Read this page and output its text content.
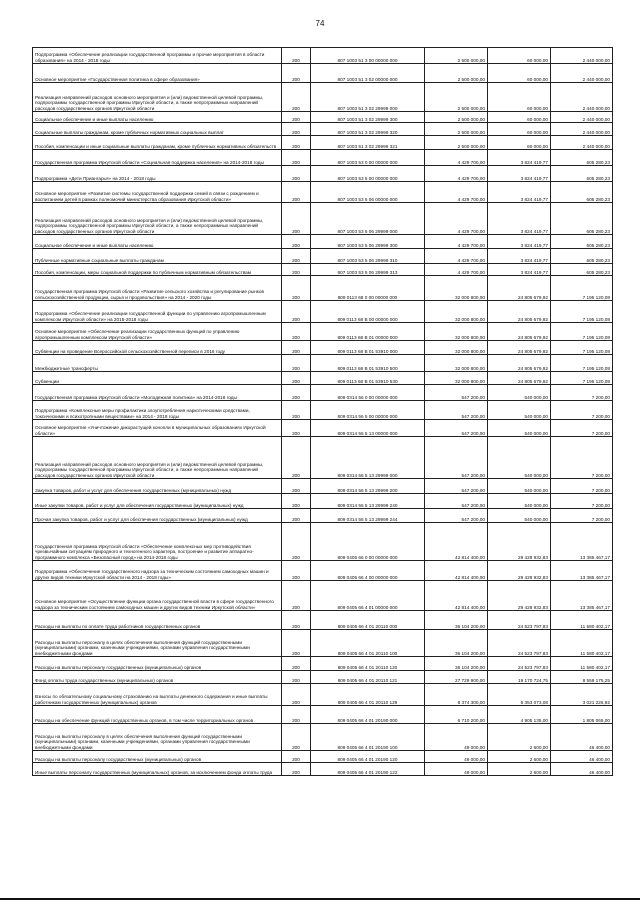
74
Подпрограмма «Обеспечение реализации государственной программы и прочие мероприятия в области образования» на 2014 - 2018 годы	200	807 1003 51 3 00 00000 000	2 500 000,00	60 000,00	2 440 000,00
Основное мероприятие «Государственная политика в сфере образования»	200	807 1003 51 3 02 00000 000	2 500 000,00	60 000,00	2 440 000,00
Реализация направлений расходов основного мероприятия и (или) ведомственной целевой программы, подпрограммы государственной программы Иркутской области, а также непрограммных направлений расходов государственных органов Иркутской области	200	807 1003 51 3 02 29999 000	2 500 000,00	60 000,00	2 440 000,00
Социальное обеспечение и иные выплаты населению	200	807 1003 51 3 02 29999 300	2 500 000,00	60 000,00	2 440 000,00
Социальные выплаты гражданам, кроме публичных нормативных социальных выплат	200	807 1003 51 3 02 29999 320	2 500 000,00	60 000,00	2 440 000,00
Пособия, компенсации и иные социальные выплаты гражданам, кроме публичных нормативных обязательств	200	807 1003 51 3 02 29999 321	2 500 000,00	60 000,00	2 440 000,00
Государственная программа Иркутской области «Социальная поддержка населения» на 2014-2018 годы	200	807 1003 53 0 00 00000 000	4 429 700,00	3 824 419,77	605 280,23
Подпрограмма «Дети Приангарья» на 2014 - 2018 годы	200	807 1003 53 5 00 00000 000	4 429 700,00	3 824 419,77	605 280,23
Основное мероприятие «Развитие системы государственной поддержки семей в связи с рождением и воспитанием детей в рамках полномочий министерства образования Иркутской области»	200	807 1003 53 5 06 00000 000	4 429 700,00	3 824 419,77	605 280,23
Реализация направлений расходов основного мероприятия и (или) ведомственной целевой программы, подпрограммы государственной программы Иркутской области, а также непрограммных направлений расходов государственных органов Иркутской области	200	807 1003 53 5 06 29999 000	4 429 700,00	3 824 419,77	605 280,23
Социальное обеспечение и иные выплаты населению	200	807 1003 53 5 06 29999 300	4 429 700,00	3 824 419,77	605 280,23
Публичные нормативные социальные выплаты гражданам	200	807 1003 53 5 06 29999 310	4 429 700,00	3 824 419,77	605 280,23
Пособия, компенсации, меры социальной поддержки по публичным нормативным обязательствам	200	807 1003 53 5 06 29999 313	4 429 700,00	3 824 419,77	605 280,23
Государственная программа Иркутской области «Развитие сельского хозяйства и регулирование рынков сельскохозяйственной продукции, сырья и продовольствия» на 2014 - 2020 годы	200	809 0113 68 0 00 00000 000	32 000 800,00	24 805 679,92	7 195 120,08
Подпрограмма «Обеспечение реализации государственной функции по управлению агропромышленным комплексом Иркутской области» на 2015-2018 годы	200	809 0113 68 В 00 00000 000	32 000 800,00	24 805 679,92	7 195 120,08
Основное мероприятие «Обеспечение реализации государственных функций по управлению агропромышленным комплексом Иркутской области»	200	809 0113 68 В 01 00000 000	32 000 800,00	24 805 679,92	7 195 120,08
Субвенции на проведение Всероссийской сельскохозяйственной переписи в 2016 году	200	809 0113 68 В 01 53910 000	32 000 800,00	24 805 679,92	7 195 120,08
Межбюджетные трансферты	200	809 0113 68 В 01 53910 500	32 000 800,00	24 805 679,92	7 195 120,08
Субвенции	200	809 0113 68 В 01 53910 530	32 000 800,00	24 805 679,92	7 195 120,08
Государственная программа Иркутской области «Молодежная политика» на 2014-2018 годы	200	809 0314 56 0 00 00000 000	547 200,00	540 000,00	7 200,00
Подпрограмма «Комплексные меры профилактики злоупотребления наркотическими средствами, токсическими и психотропными веществами» на 2014 - 2018 годы	200	809 0314 56 5 00 00000 000	547 200,00	540 000,00	7 200,00
Основное мероприятие «Уничтожение дикорастущей конопли в муниципальных образованиях Иркутской области»	200	809 0314 56 5 13 00000 000	547 200,00	540 000,00	7 200,00
Реализация направлений расходов основного мероприятия и (или) ведомственной целевой программы, подпрограммы государственной программы Иркутской области, а также непрограммных направлений расходов государственных органов Иркутской области	200	809 0314 56 5 13 29999 000	547 200,00	540 000,00	7 200,00
Закупка товаров, работ и услуг для обеспечения государственных (муниципальных) нужд	200	809 0314 56 5 13 29999 200	547 200,00	540 000,00	7 200,00
Иные закупки товаров, работ и услуг для обеспечения государственных (муниципальных) нужд	200	809 0314 56 5 13 29999 240	547 200,00	540 000,00	7 200,00
Прочая закупка товаров, работ и услуг для обеспечения государственных (муниципальных) нужд	200	809 0314 56 5 13 29999 244	547 200,00	540 000,00	7 200,00
Государственная программа Иркутской области «Обеспечение комплексных мер противодействия чрезвычайным ситуациям природного и техногенного характера, построение и развитие аппаратно-программного комплекса «Безопасный город» на 2014-2018 годы	200	809 0405 66 0 00 00000 000	42 814 400,00	29 428 932,83	13 385 467,17
Подпрограмма «Обеспечение государственного надзора за техническим состоянием самоходных машин и других видов техники Иркутской области на 2014 - 2018 годы»	200	809 0405 66 4 00 00000 000	42 814 400,00	29 428 932,83	13 385 467,17
Основное мероприятие «Осуществление функции органа государственной власти в сфере государственного надзора за техническим состоянием самоходных машин и других видов техники Иркутской области»	200	809 0405 66 4 01 00000 000	42 814 400,00	29 428 932,83	13 385 467,17
Расходы на выплаты по оплате труда работников государственных органов	200	809 0405 66 4 01 20110 000	36 104 200,00	24 523 797,83	11 580 402,17
Расходы на выплаты персоналу в целях обеспечения выполнения функций государственными (муниципальными) органами, казенными учреждениями, органами управления государственными внебюджетными фондами	200	809 0405 66 4 01 20110 100	36 104 200,00	24 523 797,83	11 580 402,17
Расходы на выплаты персоналу государственных (муниципальных) органов	200	809 0405 66 4 01 20110 120	36 104 200,00	24 523 797,83	11 580 402,17
Фонд оплаты труда государственных (муниципальных) органов	200	809 0405 66 4 01 20110 121	27 729 900,00	19 170 724,75	8 559 175,25
Взносы по обязательному социальному страхованию на выплаты денежного содержания и иные выплаты работникам государственных (муниципальных) органов	200	809 0405 66 4 01 20110 129	8 374 300,00	5 353 073,08	3 021 226,92
Расходы на обеспечение функций государственных органов, в том числе территориальных органов	200	809 0405 66 4 01 20190 000	6 710 200,00	4 905 135,00	1 805 065,00
Расходы на выплаты персоналу в целях обеспечения выполнения функций государственными (муниципальными) органами, казенными учреждениями, органами управления государственными внебюджетными фондами	200	809 0405 66 4 01 20190 100	49 000,00	2 600,00	46 400,00
Расходы на выплаты персоналу государственных (муниципальных) органов	200	809 0405 66 4 01 20190 120	49 000,00	2 600,00	46 400,00
Иные выплаты персоналу государственных (муниципальных) органов, за исключением фонда оплаты труда	200	809 0405 66 4 01 20190 122	49 000,00	2 600,00	46 400,00
